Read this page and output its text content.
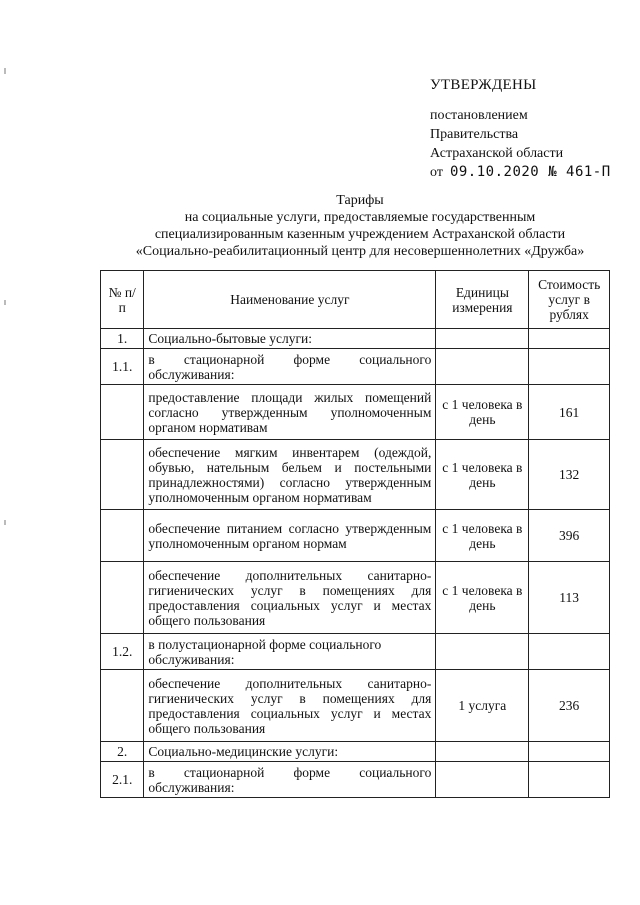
УТВЕРЖДЕНЫ
постановлением
Правительства
Астраханской области
от 09.10.2020 № 461-П
Тарифы
на социальные услуги, предоставляемые государственным
специализированным казенным учреждением Астраханской области
«Социально-реабилитационный центр для несовершеннолетних «Дружба»
№ п/п	Наименование услуг	Единицы измерения	Стоимость услуг в рублях
1.	Социально-бытовые услуги:		
1.1.	в стационарной форме социального обслуживания:		
	предоставление площади жилых помещений согласно утвержденным уполномоченным органом нормативам	с 1 человека в день	161
	обеспечение мягким инвентарем (одеждой, обувью, нательным бельем и постельными принадлежностями) согласно утвержденным уполномоченным органом нормативам	с 1 человека в день	132
	обеспечение питанием согласно утвержденным уполномоченным органом нормам	с 1 человека в день	396
	обеспечение дополнительных санитарно-гигиенических услуг в помещениях для предоставления социальных услуг и местах общего пользования	с 1 человека в день	113
1.2.	в полустационарной форме социального обслуживания:		
	обеспечение дополнительных санитарно-гигиенических услуг в помещениях для предоставления социальных услуг и местах общего пользования	1 услуга	236
2.	Социально-медицинские услуги:		
2.1.	в стационарной форме социального обслуживания:		
